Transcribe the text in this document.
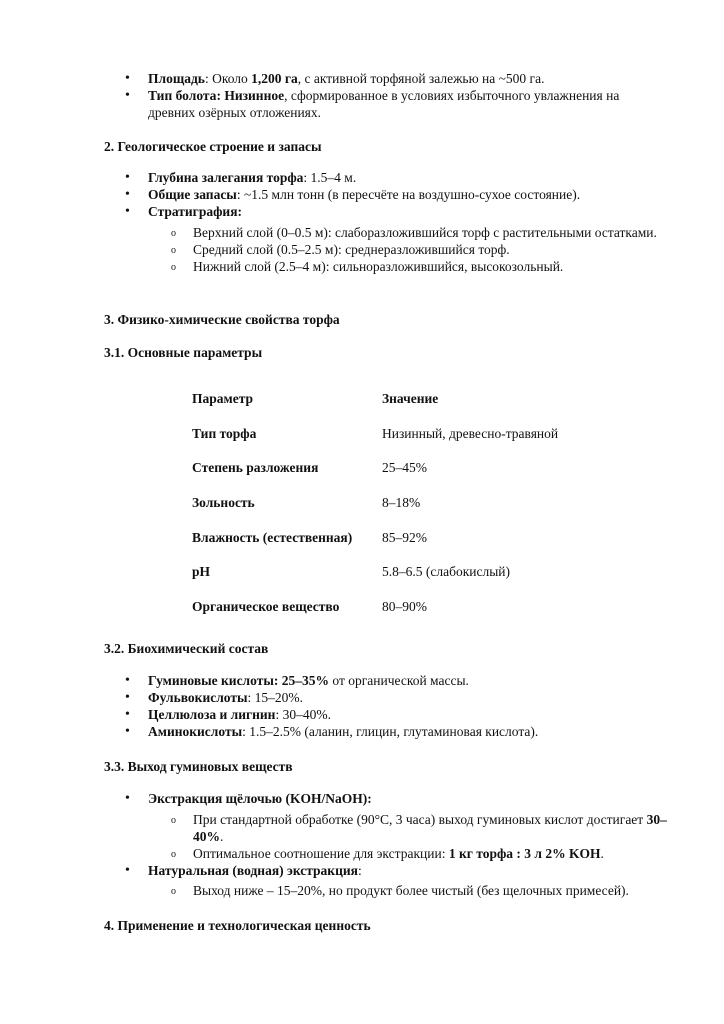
• Площадь: Около 1,200 га, с активной торфяной залежью на ~500 га.
• Тип болота: Низинное, сформированное в условиях избыточного увлажнения на древних озёрных отложениях.
2. Геологическое строение и запасы
• Глубина залегания торфа: 1.5–4 м.
• Общие запасы: ~1.5 млн тонн (в пересчёте на воздушно-сухое состояние).
• Стратиграфия:
o Верхний слой (0–0.5 м): слаборазложившийся торф с растительными остатками.
o Средний слой (0.5–2.5 м): среднеразложившийся торф.
o Нижний слой (2.5–4 м): сильноразложившийся, высокозольный.
3. Физико-химические свойства торфа
3.1. Основные параметры
Параметр	Значение
Тип торфа	Низинный, древесно-травяной
Степень разложения	25–45%
Зольность	8–18%
Влажность (естественная)	85–92%
pH	5.8–6.5 (слабокислый)
Органическое вещество	80–90%
3.2. Биохимический состав
• Гуминовые кислоты: 25–35% от органической массы.
• Фульвокислоты: 15–20%.
• Целлюлоза и лигнин: 30–40%.
• Аминокислоты: 1.5–2.5% (аланин, глицин, глутаминовая кислота).
3.3. Выход гуминовых веществ
• Экстракция щёлочью (KOH/NaOH):
o При стандартной обработке (90°C, 3 часа) выход гуминовых кислот достигает 30–40%.
o Оптимальное соотношение для экстракции: 1 кг торфа : 3 л 2% KOH.
• Натуральная (водная) экстракция:
o Выход ниже – 15–20%, но продукт более чистый (без щелочных примесей).
4. Применение и технологическая ценность
